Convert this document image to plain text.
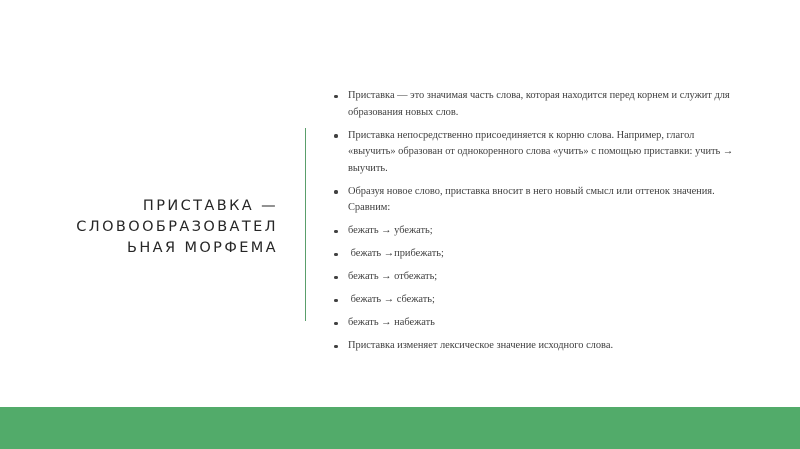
ПРИСТАВКА —
СЛОВООБРАЗОВАТЕЛ
ЬНАЯ МОРФЕМА
Приставка — это значимая часть слова, которая находится перед корнем и служит для образования новых слов.
Приставка непосредственно присоединяется к корню слова. Например, глагол «выучить» образован от однокоренного слова «учить» с помощью приставки: учить → выучить.
Образуя новое слово, приставка вносит в него новый смысл или оттенок значения. Сравним:
бежать → убежать;
бежать →прибежать;
бежать → отбежать;
бежать → сбежать;
бежать → набежать
Приставка изменяет лексическое значение исходного слова.
